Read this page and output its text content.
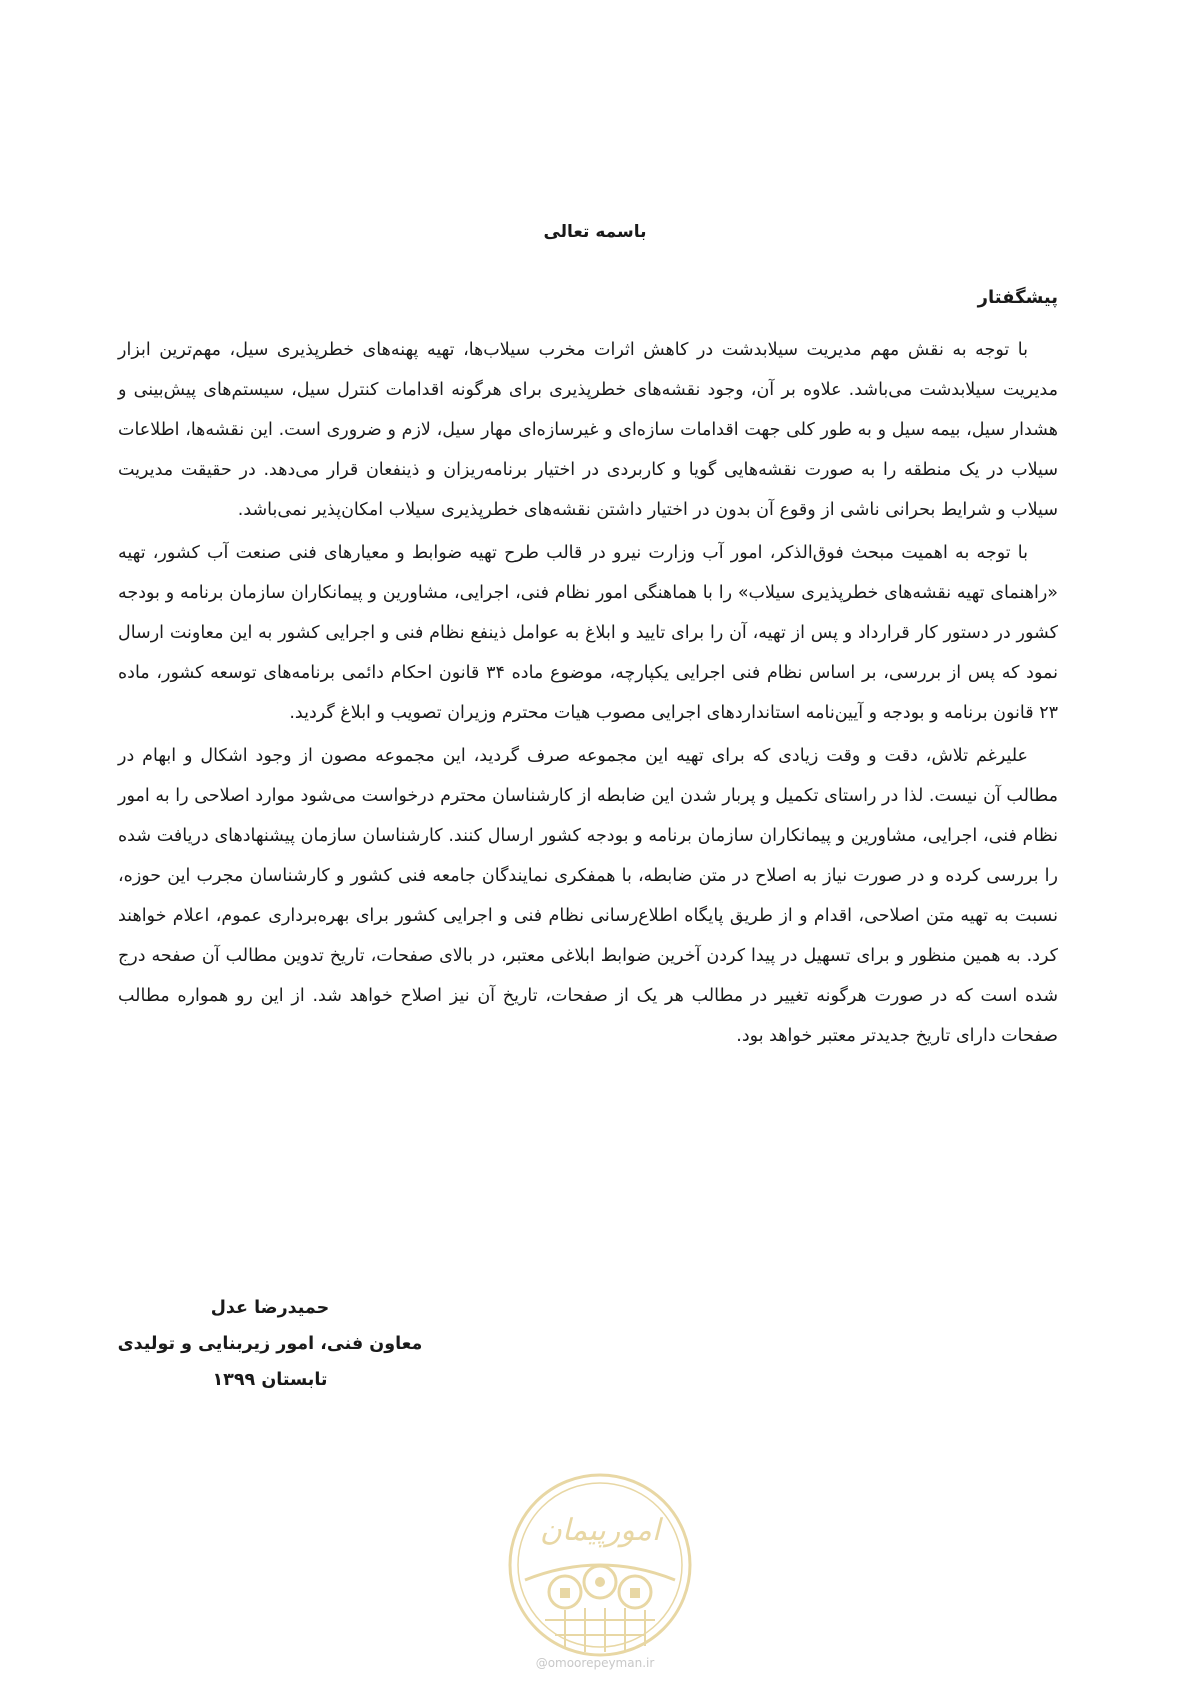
باسمه تعالی
پیشگفتار

با توجه به نقش مهم مدیریت سیلابدشت در کاهش اثرات مخرب سیلاب‌ها، تهیه پهنه‌های خطرپذیری سیل، مهم‌ترین ابزار مدیریت سیلابدشت می‌باشد. علاوه بر آن، وجود نقشه‌های خطرپذیری برای هرگونه اقدامات کنترل سیل، سیستم‌های پیش‌بینی و هشدار سیل، بیمه سیل و به طور کلی جهت اقدامات سازه‌ای و غیرسازه‌ای مهار سیل، لازم و ضروری است. این نقشه‌ها، اطلاعات سیلاب در یک منطقه را به صورت نقشه‌هایی گویا و کاربردی در اختیار برنامه‌ریزان و ذینفعان قرار می‌دهد. در حقیقت مدیریت سیلاب و شرایط بحرانی ناشی از وقوع آن بدون در اختیار داشتن نقشه‌های خطرپذیری سیلاب امکان‌پذیر نمی‌باشد.

با توجه به اهمیت مبحث فوق‌الذکر، امور آب وزارت نیرو در قالب طرح تهیه ضوابط و معیارهای فنی صنعت آب کشور، تهیه «راهنمای تهیه نقشه‌های خطرپذیری سیلاب» را با هماهنگی امور نظام فنی، اجرایی، مشاورین و پیمانکاران سازمان برنامه و بودجه کشور در دستور کار قرارداد و پس از تهیه، آن را برای تایید و ابلاغ به عوامل ذینفع نظام فنی و اجرایی کشور به این معاونت ارسال نمود که پس از بررسی، بر اساس نظام فنی اجرایی یکپارچه، موضوع ماده ۳۴ قانون احکام دائمی برنامه‌های توسعه کشور، ماده ۲۳ قانون برنامه و بودجه و آیین‌نامه استانداردهای اجرایی مصوب هیات محترم وزیران تصویب و ابلاغ گردید.

علیرغم تلاش، دقت و وقت زیادی که برای تهیه این مجموعه صرف گردید، این مجموعه مصون از وجود اشکال و ابهام در مطالب آن نیست. لذا در راستای تکمیل و پربار شدن این ضابطه از کارشناسان محترم درخواست می‌شود موارد اصلاحی را به امور نظام فنی، اجرایی، مشاورین و پیمانکاران سازمان برنامه و بودجه کشور ارسال کنند. کارشناسان سازمان پیشنهادهای دریافت شده را بررسی کرده و در صورت نیاز به اصلاح در متن ضابطه، با همفکری نمایندگان جامعه فنی کشور و کارشناسان مجرب این حوزه، نسبت به تهیه متن اصلاحی، اقدام و از طریق پایگاه اطلاع‌رسانی نظام فنی و اجرایی کشور برای بهره‌برداری عموم، اعلام خواهند کرد. به همین منظور و برای تسهیل در پیدا کردن آخرین ضوابط ابلاغی معتبر، در بالای صفحات، تاریخ تدوین مطالب آن صفحه درج شده است که در صورت هرگونه تغییر در مطالب هر یک از صفحات، تاریخ آن نیز اصلاح خواهد شد. از این رو همواره مطالب صفحات دارای تاریخ جدیدتر معتبر خواهد بود.

حمیدرضا عدل
معاون فنی، امور زیربنایی و تولیدی
تابستان ۱۳۹۹
امورپیمان
@omoorepeyman.ir
